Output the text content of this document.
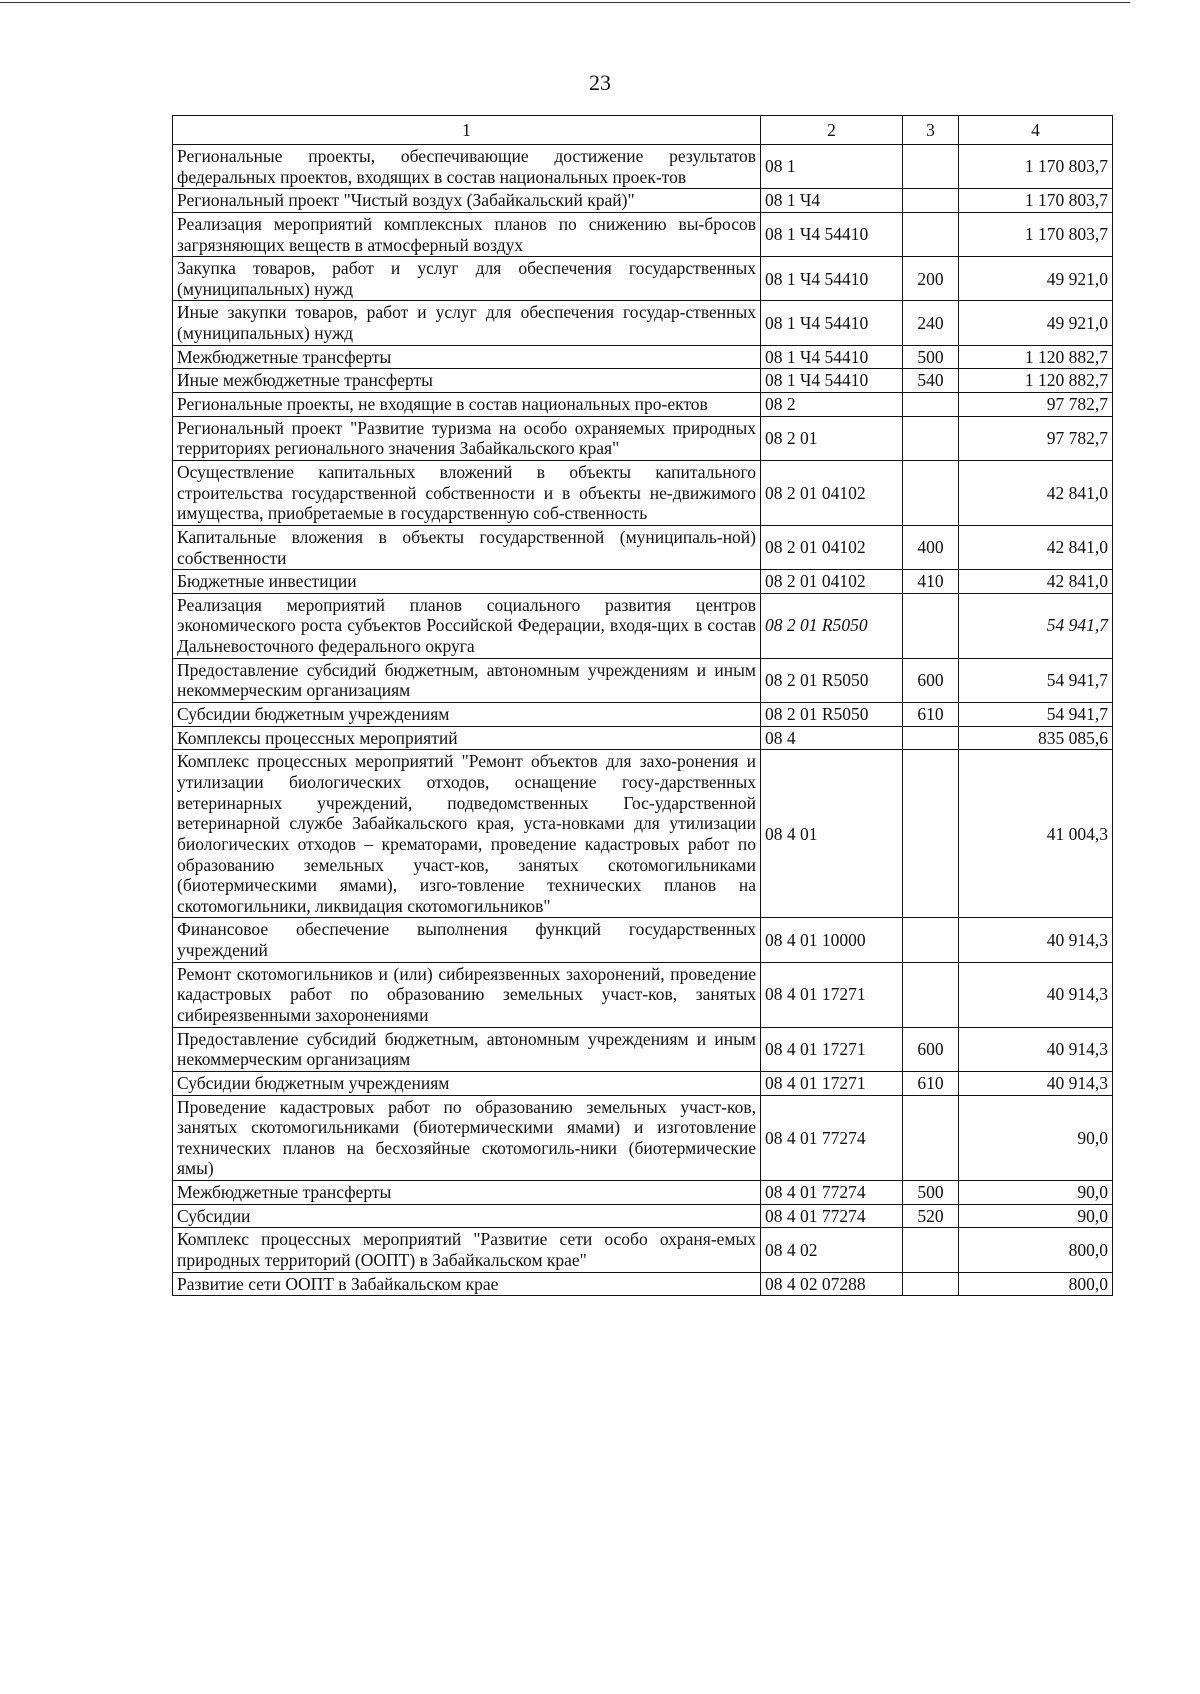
23
1	2	3	4
Региональные проекты, обеспечивающие достижение результатов федеральных проектов, входящих в состав национальных проек-тов	08 1		1 170 803,7
Региональный проект "Чистый воздух (Забайкальский край)"	08 1 Ч4		1 170 803,7
Реализация мероприятий комплексных планов по снижению вы-бросов загрязняющих веществ в атмосферный воздух	08 1 Ч4 54410		1 170 803,7
Закупка товаров, работ и услуг для обеспечения государственных (муниципальных) нужд	08 1 Ч4 54410	200	49 921,0
Иные закупки товаров, работ и услуг для обеспечения государ-ственных (муниципальных) нужд	08 1 Ч4 54410	240	49 921,0
Межбюджетные трансферты	08 1 Ч4 54410	500	1 120 882,7
Иные межбюджетные трансферты	08 1 Ч4 54410	540	1 120 882,7
Региональные проекты, не входящие в состав национальных про-ектов	08 2		97 782,7
Региональный проект "Развитие туризма на особо охраняемых природных территориях регионального значения Забайкальского края"	08 2 01		97 782,7
Осуществление капитальных вложений в объекты капитального строительства государственной собственности и в объекты не-движимого имущества, приобретаемые в государственную соб-ственность	08 2 01 04102		42 841,0
Капитальные вложения в объекты государственной (муниципаль-ной) собственности	08 2 01 04102	400	42 841,0
Бюджетные инвестиции	08 2 01 04102	410	42 841,0
Реализация мероприятий планов социального развития центров экономического роста субъектов Российской Федерации, входя-щих в состав Дальневосточного федерального округа	08 2 01 R5050		54 941,7
Предоставление субсидий бюджетным, автономным учреждениям и иным некоммерческим организациям	08 2 01 R5050	600	54 941,7
Субсидии бюджетным учреждениям	08 2 01 R5050	610	54 941,7
Комплексы процессных мероприятий	08 4		835 085,6
Комплекс процессных мероприятий "Ремонт объектов для захо-ронения и утилизации биологических отходов, оснащение госу-дарственных ветеринарных учреждений, подведомственных Гос-ударственной ветеринарной службе Забайкальского края, уста-новками для утилизации биологических отходов – крематорами, проведение кадастровых работ по образованию земельных участ-ков, занятых скотомогильниками (биотермическими ямами), изго-товление технических планов на скотомогильники, ликвидация скотомогильников"	08 4 01		41 004,3
Финансовое обеспечение выполнения функций государственных учреждений	08 4 01 10000		40 914,3
Ремонт скотомогильников и (или) сибиреязвенных захоронений, проведение кадастровых работ по образованию земельных участ-ков, занятых сибиреязвенными захоронениями	08 4 01 17271		40 914,3
Предоставление субсидий бюджетным, автономным учреждениям и иным некоммерческим организациям	08 4 01 17271	600	40 914,3
Субсидии бюджетным учреждениям	08 4 01 17271	610	40 914,3
Проведение кадастровых работ по образованию земельных участ-ков, занятых скотомогильниками (биотермическими ямами) и изготовление технических планов на бесхозяйные скотомогиль-ники (биотермические ямы)	08 4 01 77274		90,0
Межбюджетные трансферты	08 4 01 77274	500	90,0
Субсидии	08 4 01 77274	520	90,0
Комплекс процессных мероприятий "Развитие сети особо охраня-емых природных территорий (ООПТ) в Забайкальском крае"	08 4 02		800,0
Развитие сети ООПТ в Забайкальском крае	08 4 02 07288		800,0
